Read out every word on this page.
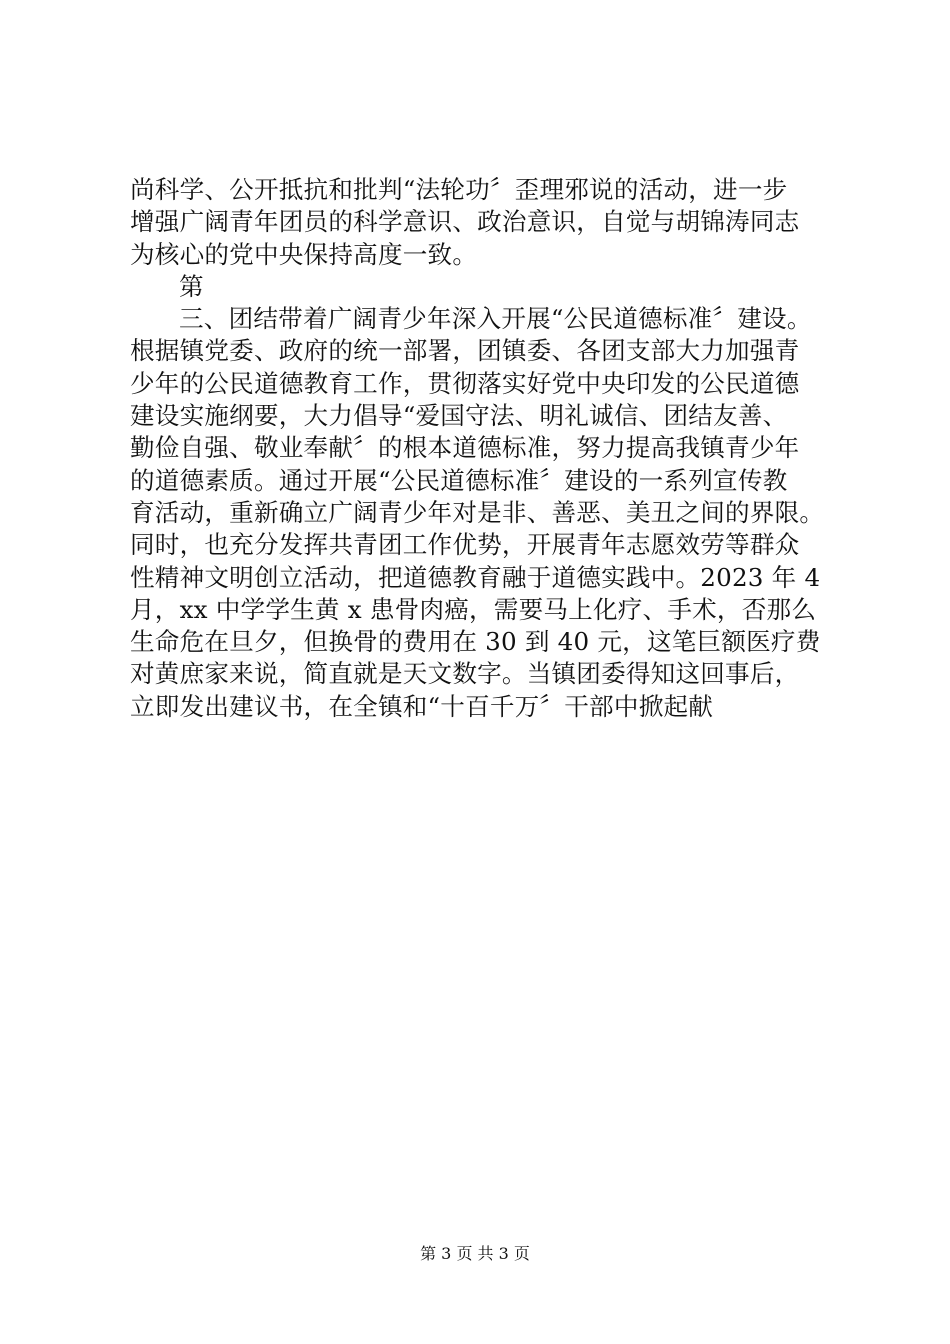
尚科学、公开抵抗和批判“法轮功〞歪理邪说的活动，进一步
增强广阔青年团员的科学意识、政治意识，自觉与胡锦涛同志
为核心的党中央保持高度一致。
第
三、团结带着广阔青少年深入开展“公民道德标准〞建设。
根据镇党委、政府的统一部署，团镇委、各团支部大力加强青
少年的公民道德教育工作，贯彻落实好党中央印发的公民道德
建设实施纲要，大力倡导“爱国守法、明礼诚信、团结友善、
勤俭自强、敬业奉献〞的根本道德标准，努力提高我镇青少年
的道德素质。通过开展“公民道德标准〞建设的一系列宣传教
育活动，重新确立广阔青少年对是非、善恶、美丑之间的界限。
同时，也充分发挥共青团工作优势，开展青年志愿效劳等群众
性精神文明创立活动，把道德教育融于道德实践中。2023 年 4
月，xx 中学学生黄 x 患骨肉癌，需要马上化疗、手术，否那么
生命危在旦夕，但换骨的费用在 30 到 40 元，这笔巨额医疗费
对黄庶家来说，简直就是天文数字。当镇团委得知这回事后，
立即发出建议书，在全镇和“十百千万〞干部中掀起献
第 3 页 共 3 页
